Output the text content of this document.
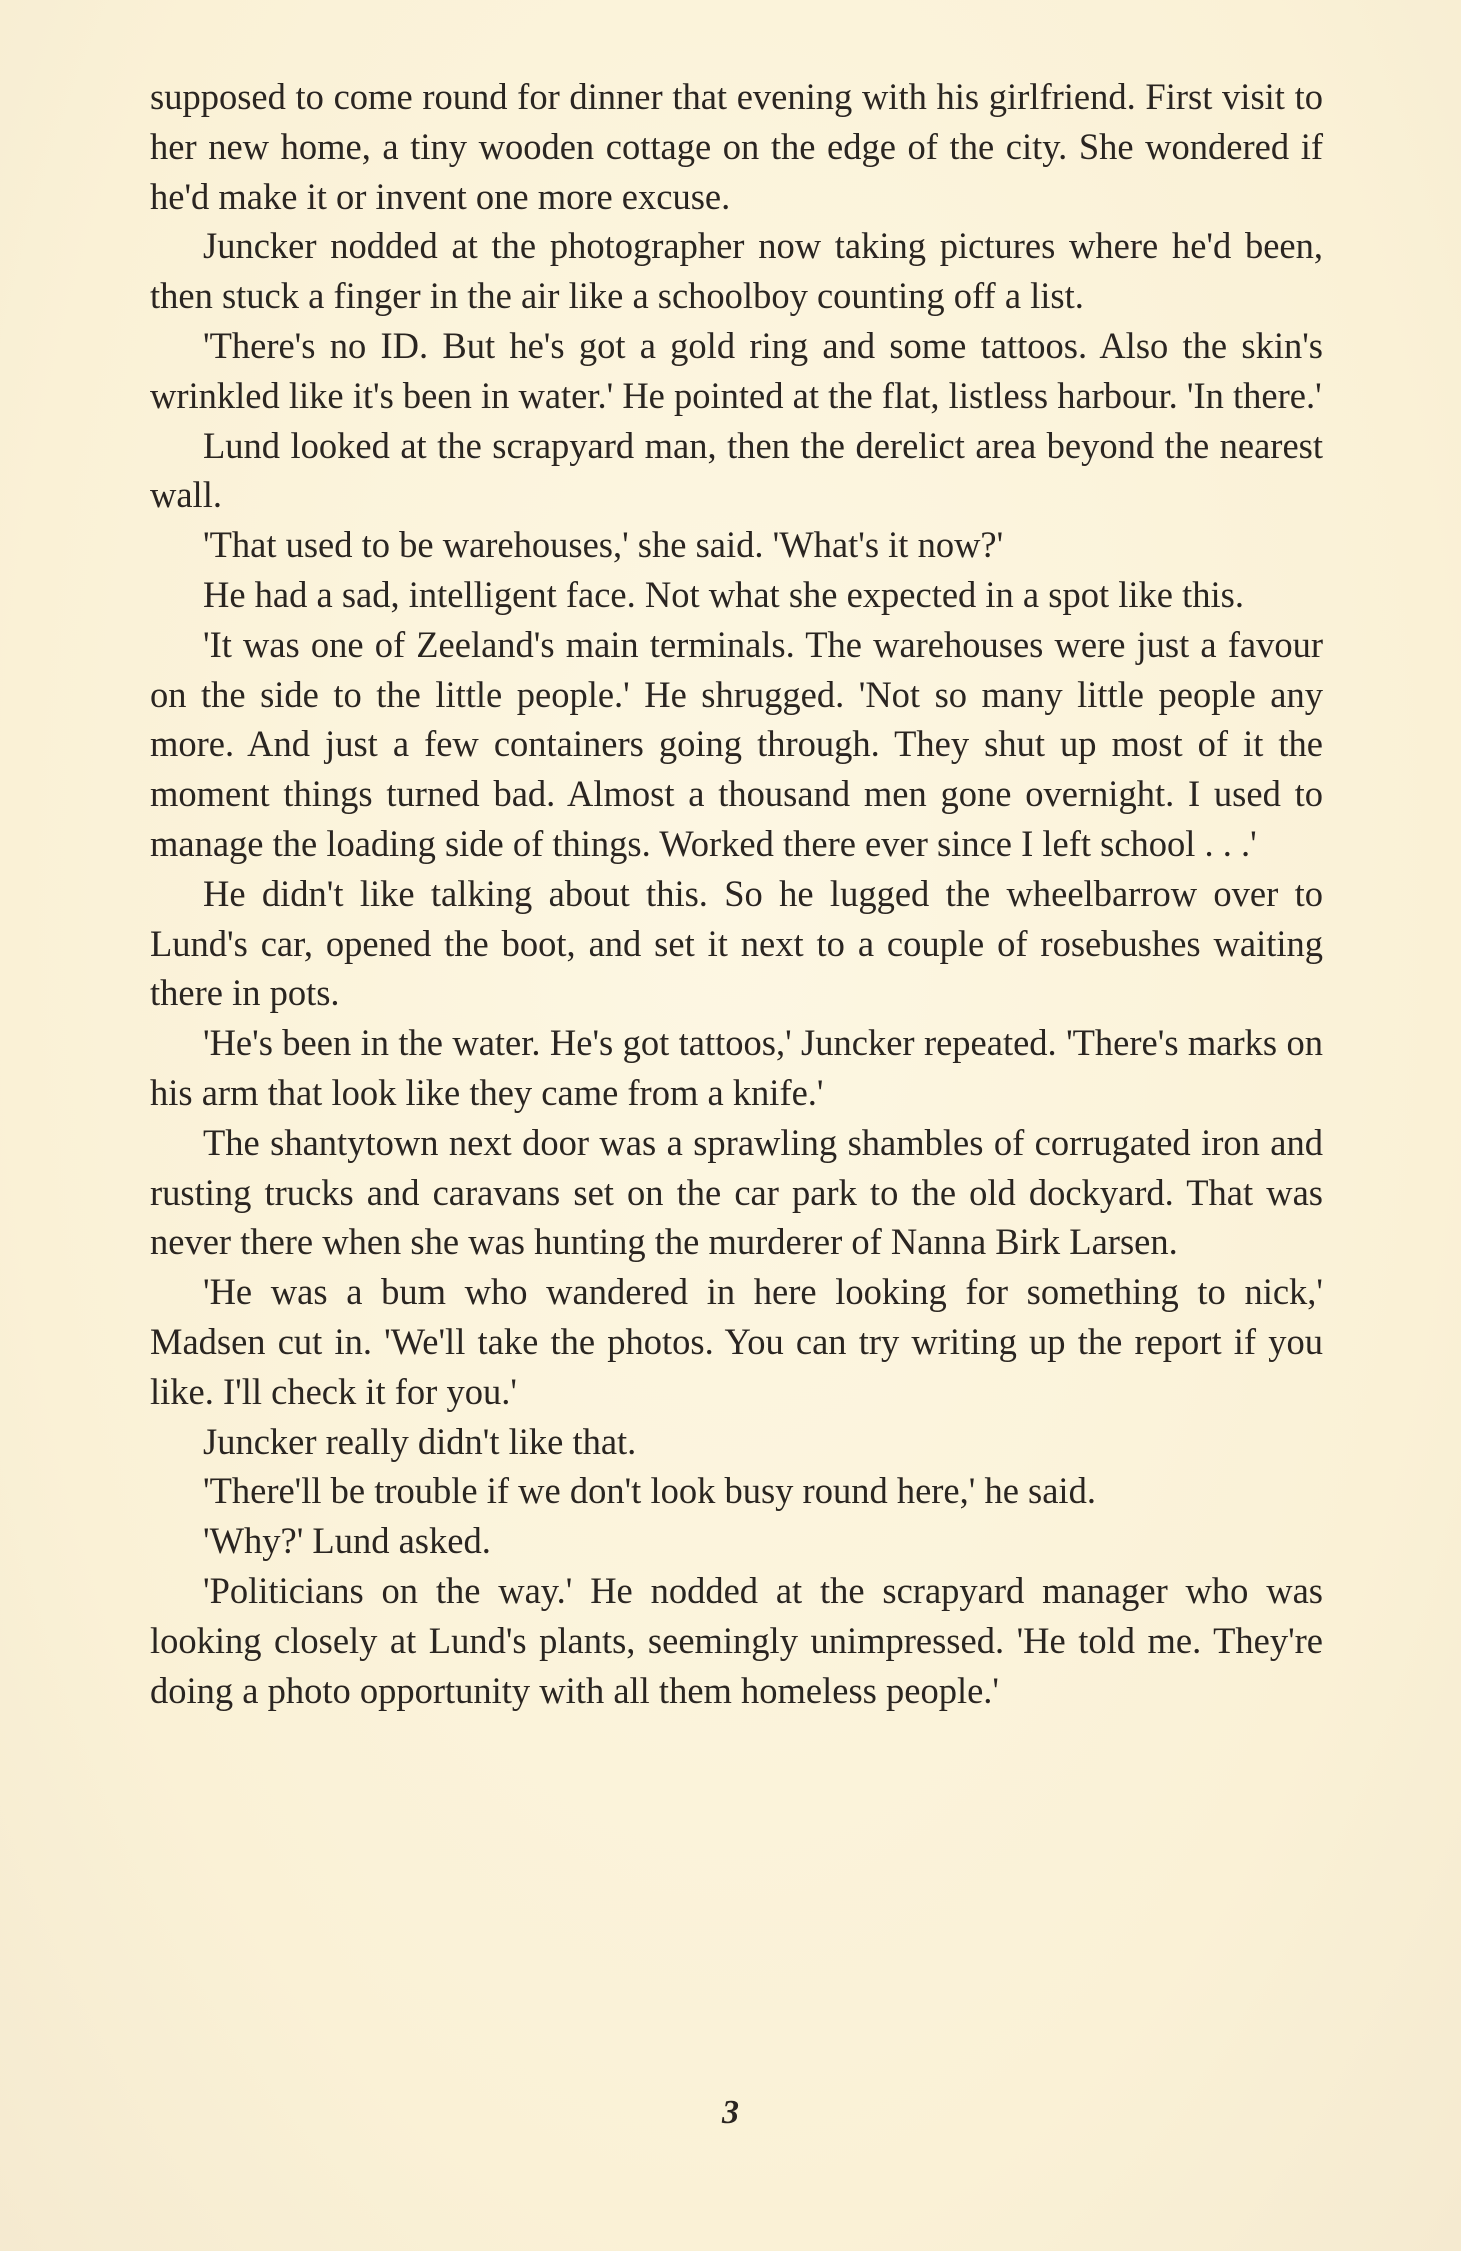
supposed to come round for dinner that evening with his girlfriend. First visit to her new home, a tiny wooden cottage on the edge of the city. She wondered if he'd make it or invent one more excuse.

Juncker nodded at the photographer now taking pictures where he'd been, then stuck a finger in the air like a schoolboy counting off a list.

'There's no ID. But he's got a gold ring and some tattoos. Also the skin's wrinkled like it's been in water.' He pointed at the flat, listless harbour. 'In there.'

Lund looked at the scrapyard man, then the derelict area beyond the nearest wall.

'That used to be warehouses,' she said. 'What's it now?'

He had a sad, intelligent face. Not what she expected in a spot like this.

'It was one of Zeeland's main terminals. The warehouses were just a favour on the side to the little people.' He shrugged. 'Not so many little people any more. And just a few containers going through. They shut up most of it the moment things turned bad. Almost a thousand men gone overnight. I used to manage the loading side of things. Worked there ever since I left school . . .'

He didn't like talking about this. So he lugged the wheelbarrow over to Lund's car, opened the boot, and set it next to a couple of rosebushes waiting there in pots.

'He's been in the water. He's got tattoos,' Juncker repeated. 'There's marks on his arm that look like they came from a knife.'

The shantytown next door was a sprawling shambles of corrugated iron and rusting trucks and caravans set on the car park to the old dockyard. That was never there when she was hunting the murderer of Nanna Birk Larsen.

'He was a bum who wandered in here looking for something to nick,' Madsen cut in. 'We'll take the photos. You can try writing up the report if you like. I'll check it for you.'

Juncker really didn't like that.

'There'll be trouble if we don't look busy round here,' he said.

'Why?' Lund asked.

'Politicians on the way.' He nodded at the scrapyard manager who was looking closely at Lund's plants, seemingly unimpressed. 'He told me. They're doing a photo opportunity with all them homeless people.'

3
